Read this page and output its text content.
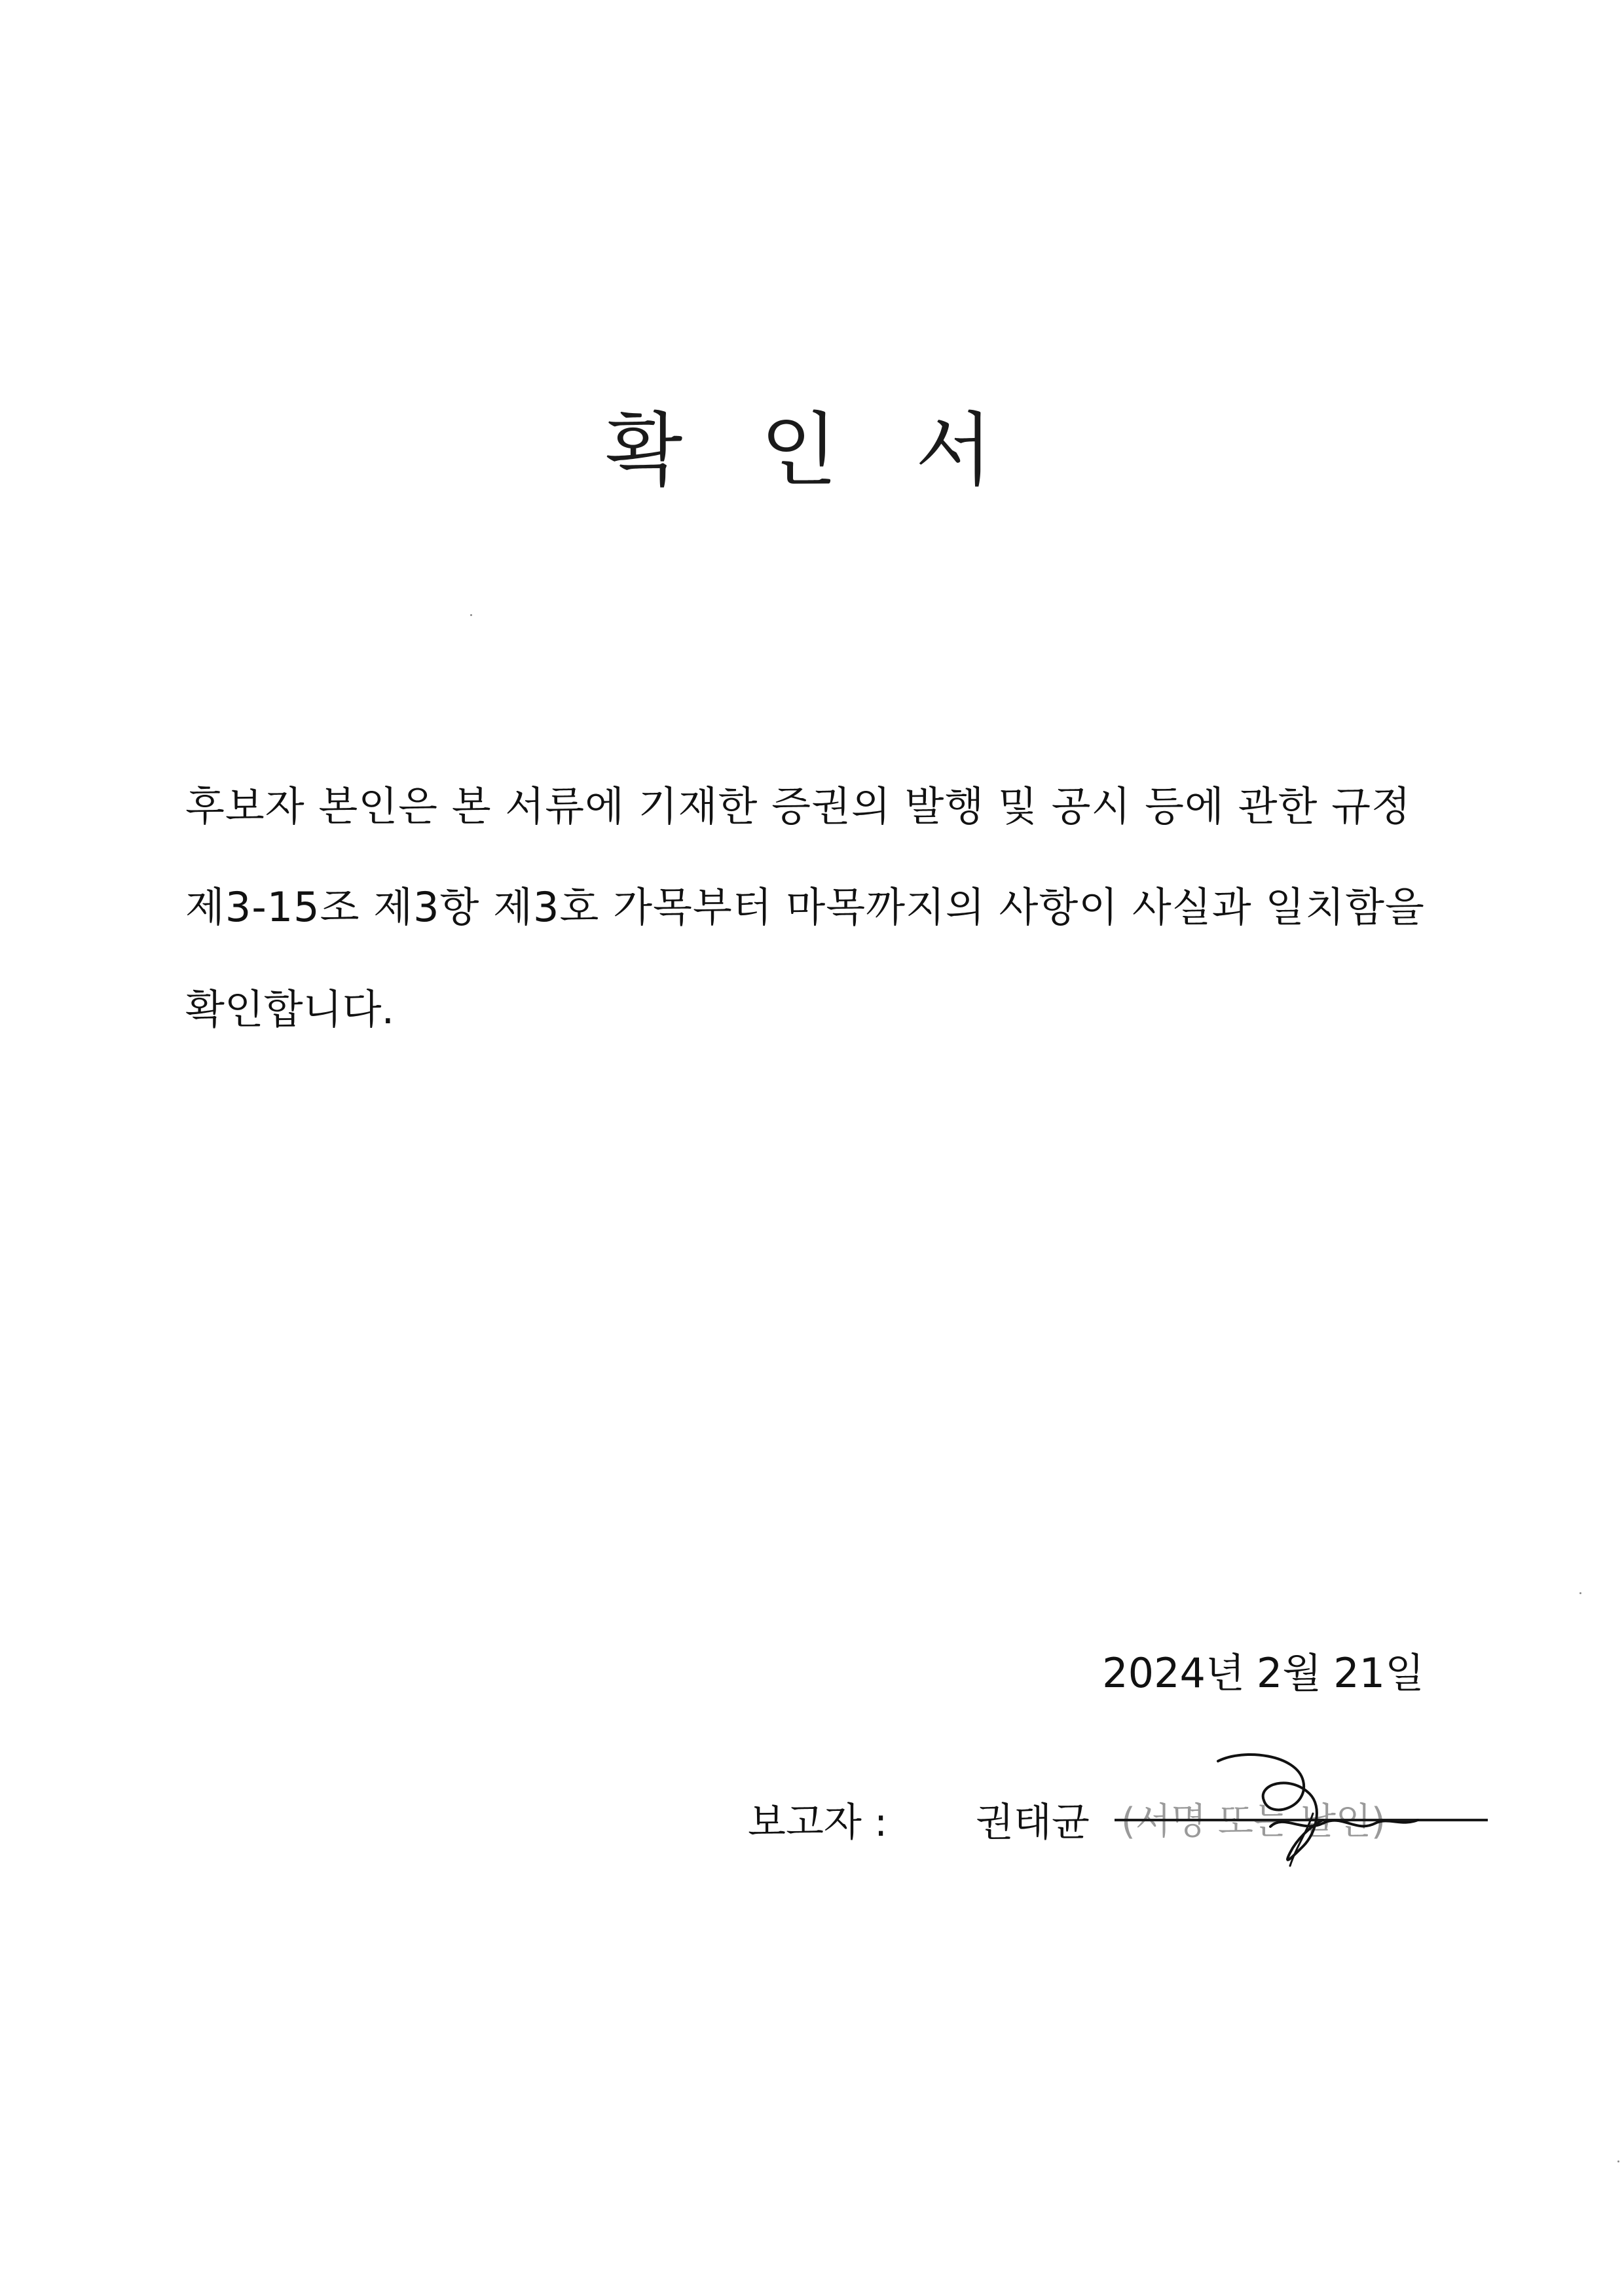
확 인 서
후보자 본인은 본 서류에 기재한 증권의 발행 및 공시 등에 관한 규정
제3-15조 제3항 제3호 가목부터 마목까지의 사항이 사실과 일치함을
확인합니다.
2024년 2월 21일
보고자 : 권태균 (서명 또는 날인)
